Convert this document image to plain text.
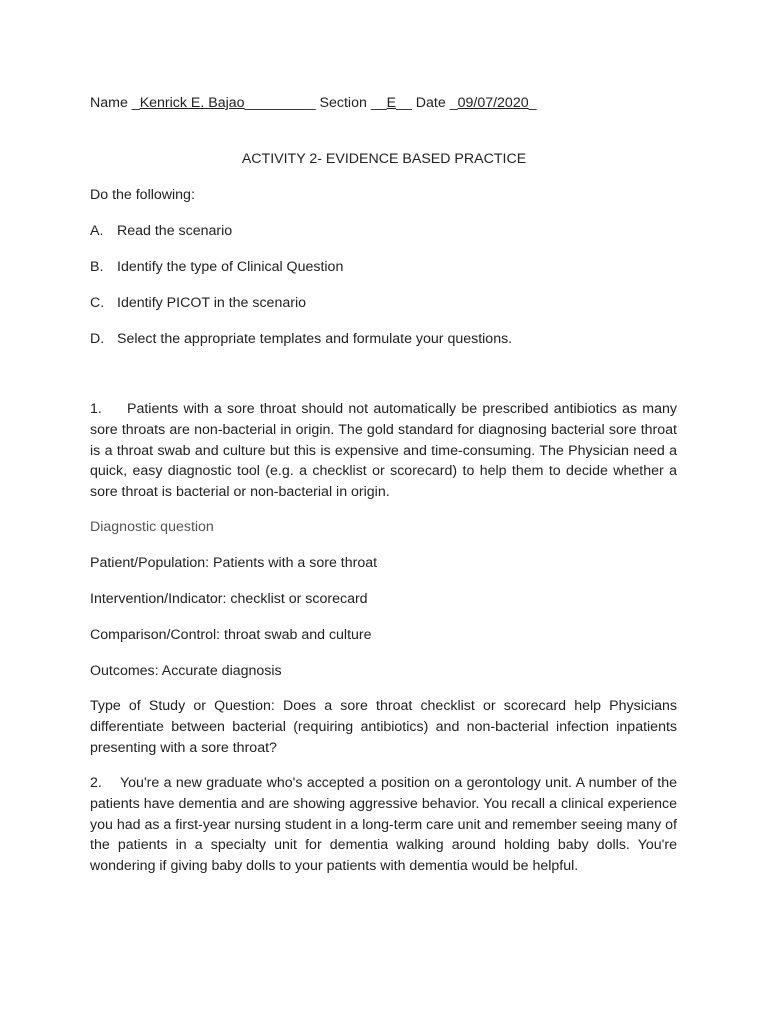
Name _Kenrick E. Bajao_________ Section __E__ Date _09/07/2020_
ACTIVITY 2- EVIDENCE BASED PRACTICE
Do the following:
A. Read the scenario
B. Identify the type of Clinical Question
C. Identify PICOT in the scenario
D. Select the appropriate templates and formulate your questions.
1. Patients with a sore throat should not automatically be prescribed antibiotics as many sore throats are non-bacterial in origin. The gold standard for diagnosing bacterial sore throat is a throat swab and culture but this is expensive and time-consuming. The Physician need a quick, easy diagnostic tool (e.g. a checklist or scorecard) to help them to decide whether a sore throat is bacterial or non-bacterial in origin.
Diagnostic question
Patient/Population: Patients with a sore throat
Intervention/Indicator: checklist or scorecard
Comparison/Control: throat swab and culture
Outcomes: Accurate diagnosis
Type of Study or Question: Does a sore throat checklist or scorecard help Physicians differentiate between bacterial (requiring antibiotics) and non-bacterial infection inpatients presenting with a sore throat?
2. You're a new graduate who's accepted a position on a gerontology unit. A number of the patients have dementia and are showing aggressive behavior. You recall a clinical experience you had as a first-year nursing student in a long-term care unit and remember seeing many of the patients in a specialty unit for dementia walking around holding baby dolls. You're wondering if giving baby dolls to your patients with dementia would be helpful.
